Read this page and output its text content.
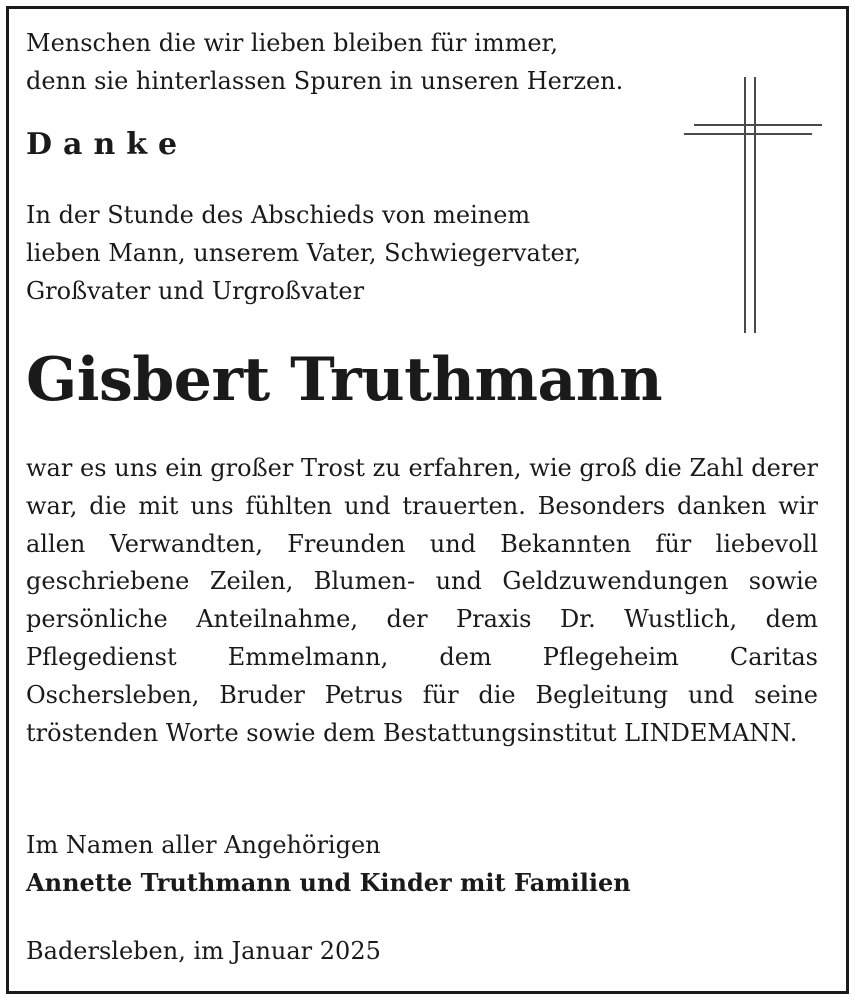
Menschen die wir lieben bleiben für immer,
denn sie hinterlassen Spuren in unseren Herzen.

Danke

In der Stunde des Abschieds von meinem
lieben Mann, unserem Vater, Schwiegervater,
Großvater und Urgroßvater

Gisbert Truthmann

war es uns ein großer Trost zu erfahren, wie groß die Zahl derer war, die mit uns fühlten und trauerten. Besonders danken wir allen Verwandten, Freunden und Bekannten für liebevoll geschriebene Zeilen, Blumen- und Geldzuwendungen sowie persönliche Anteilnahme, der Praxis Dr. Wustlich, dem Pflegedienst Emmelmann, dem Pflegeheim Caritas Oschersleben, Bruder Petrus für die Begleitung und seine tröstenden Worte sowie dem Bestattungsinstitut LINDEMANN.

Im Namen aller Angehörigen

Annette Truthmann und Kinder mit Familien

Badersleben, im Januar 2025
